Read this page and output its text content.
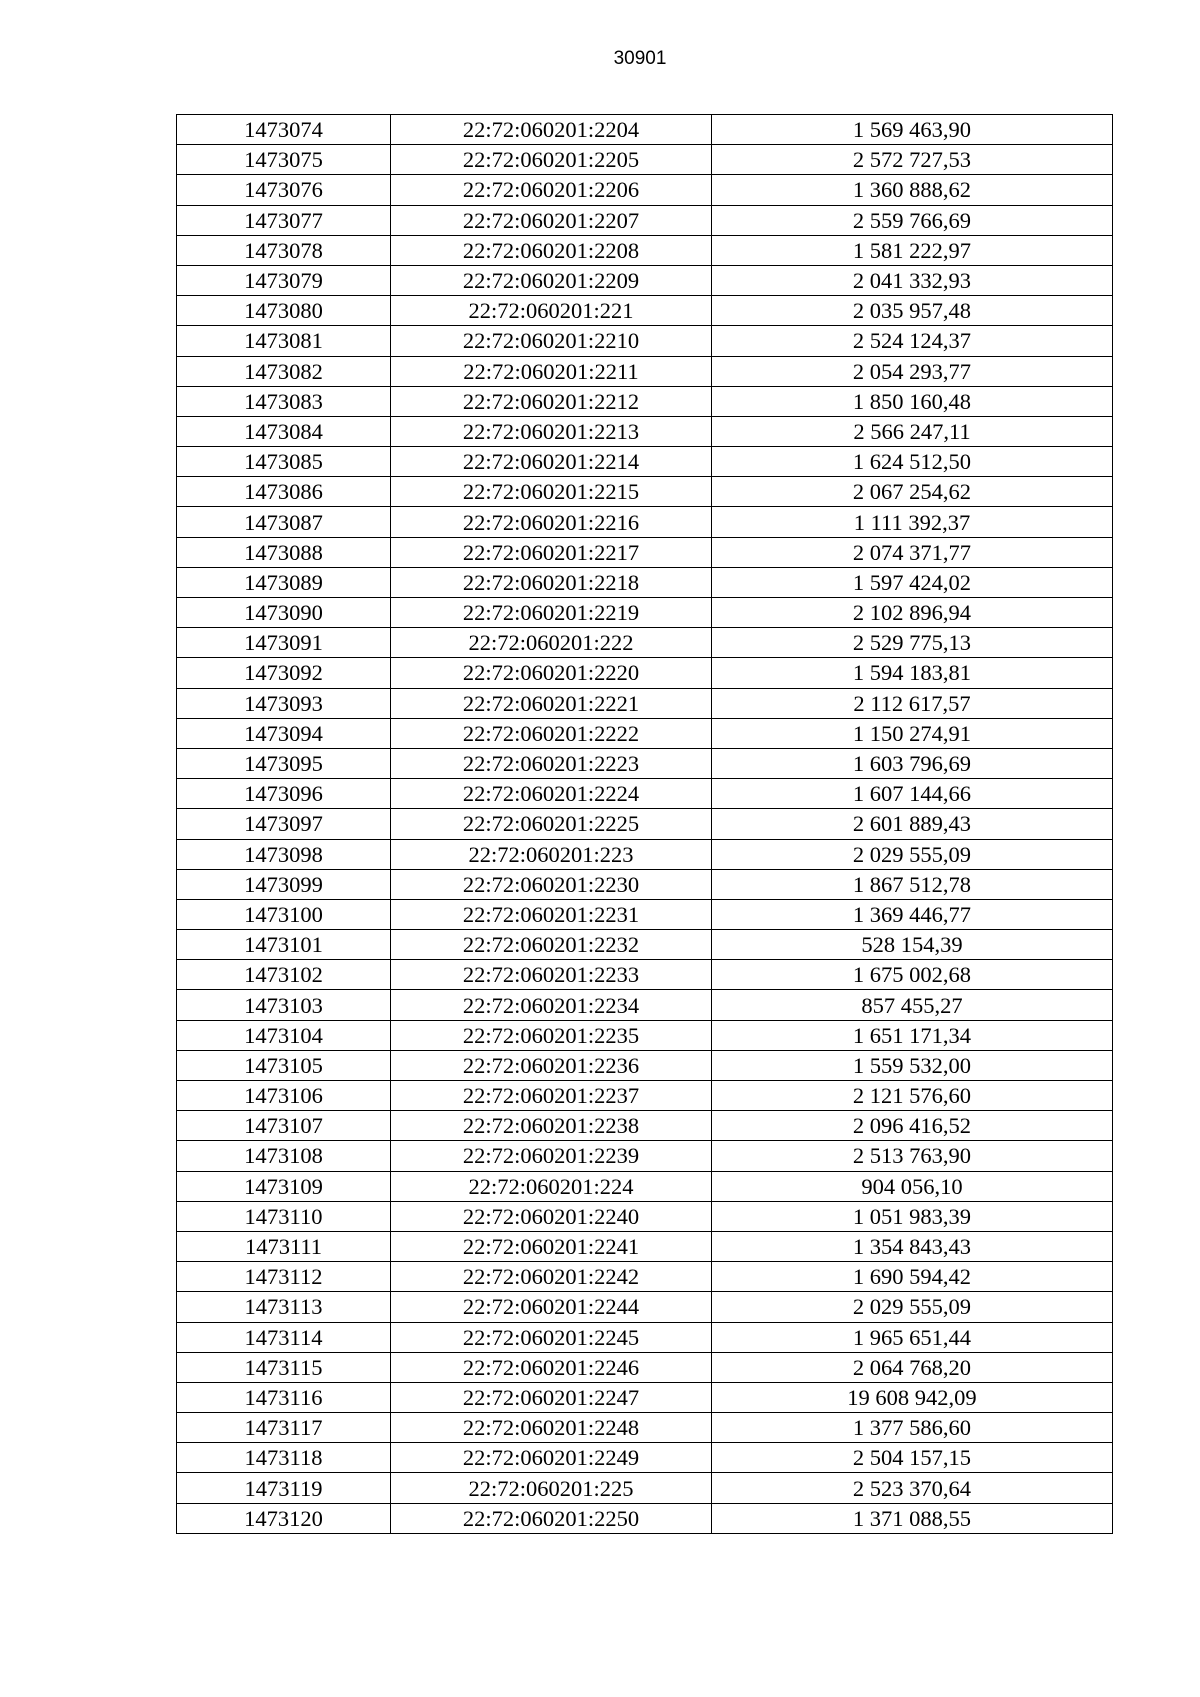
30901
1473074	22:72:060201:2204	1 569 463,90
1473075	22:72:060201:2205	2 572 727,53
1473076	22:72:060201:2206	1 360 888,62
1473077	22:72:060201:2207	2 559 766,69
1473078	22:72:060201:2208	1 581 222,97
1473079	22:72:060201:2209	2 041 332,93
1473080	22:72:060201:221	2 035 957,48
1473081	22:72:060201:2210	2 524 124,37
1473082	22:72:060201:2211	2 054 293,77
1473083	22:72:060201:2212	1 850 160,48
1473084	22:72:060201:2213	2 566 247,11
1473085	22:72:060201:2214	1 624 512,50
1473086	22:72:060201:2215	2 067 254,62
1473087	22:72:060201:2216	1 111 392,37
1473088	22:72:060201:2217	2 074 371,77
1473089	22:72:060201:2218	1 597 424,02
1473090	22:72:060201:2219	2 102 896,94
1473091	22:72:060201:222	2 529 775,13
1473092	22:72:060201:2220	1 594 183,81
1473093	22:72:060201:2221	2 112 617,57
1473094	22:72:060201:2222	1 150 274,91
1473095	22:72:060201:2223	1 603 796,69
1473096	22:72:060201:2224	1 607 144,66
1473097	22:72:060201:2225	2 601 889,43
1473098	22:72:060201:223	2 029 555,09
1473099	22:72:060201:2230	1 867 512,78
1473100	22:72:060201:2231	1 369 446,77
1473101	22:72:060201:2232	528 154,39
1473102	22:72:060201:2233	1 675 002,68
1473103	22:72:060201:2234	857 455,27
1473104	22:72:060201:2235	1 651 171,34
1473105	22:72:060201:2236	1 559 532,00
1473106	22:72:060201:2237	2 121 576,60
1473107	22:72:060201:2238	2 096 416,52
1473108	22:72:060201:2239	2 513 763,90
1473109	22:72:060201:224	904 056,10
1473110	22:72:060201:2240	1 051 983,39
1473111	22:72:060201:2241	1 354 843,43
1473112	22:72:060201:2242	1 690 594,42
1473113	22:72:060201:2244	2 029 555,09
1473114	22:72:060201:2245	1 965 651,44
1473115	22:72:060201:2246	2 064 768,20
1473116	22:72:060201:2247	19 608 942,09
1473117	22:72:060201:2248	1 377 586,60
1473118	22:72:060201:2249	2 504 157,15
1473119	22:72:060201:225	2 523 370,64
1473120	22:72:060201:2250	1 371 088,55
